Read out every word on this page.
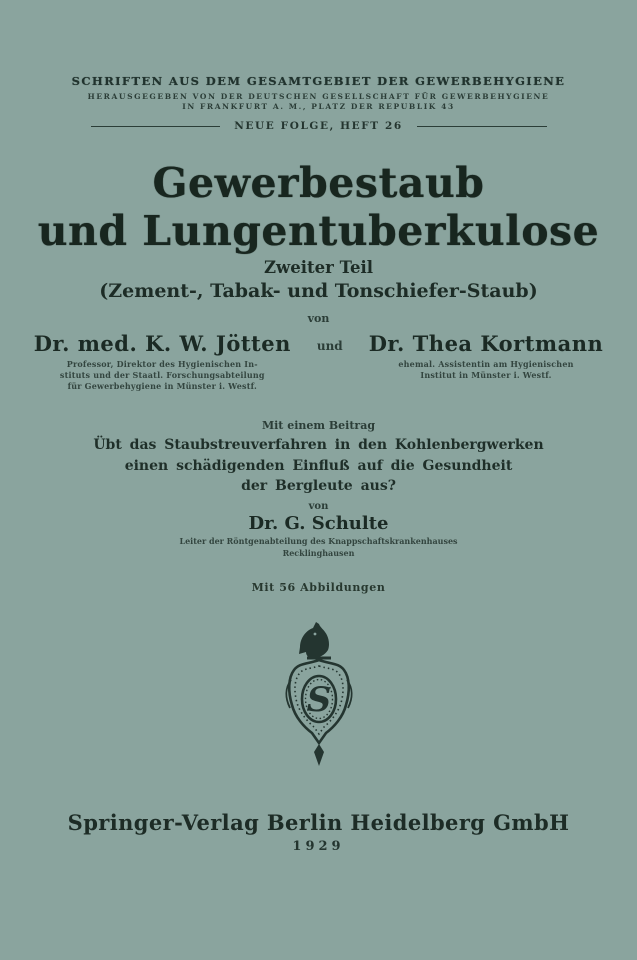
SCHRIFTEN AUS DEM GESAMTGEBIET DER GEWERBEHYGIENE
HERAUSGEGEBEN VON DER DEUTSCHEN GESELLSCHAFT FÜR GEWERBEHYGIENE
IN FRANKFURT A. M., PLATZ DER REPUBLIK 43
NEUE FOLGE, HEFT 26
Gewerbestaub
und Lungentuberkulose
Zweiter Teil
(Zement-, Tabak- und Tonschiefer-Staub)
von
Dr. med. K. W. Jötten
Professor, Direktor des Hygienischen In-
stituts und der Staatl. Forschungsabteilung
für Gewerbehygiene in Münster i. Westf.
und Dr. Thea Kortmann
ehemal. Assistentin am Hygienischen
Institut in Münster i. Westf.
Mit einem Beitrag
Übt das Staubstreuverfahren in den Kohlenbergwerken
einen schädigenden Einfluß auf die Gesundheit
der Bergleute aus?
von
Dr. G. Schulte
Leiter der Röntgenabteilung des Knappschaftskrankenhauses
Recklinghausen
Mit 56 Abbildungen
S
Springer-Verlag Berlin Heidelberg GmbH
1929
